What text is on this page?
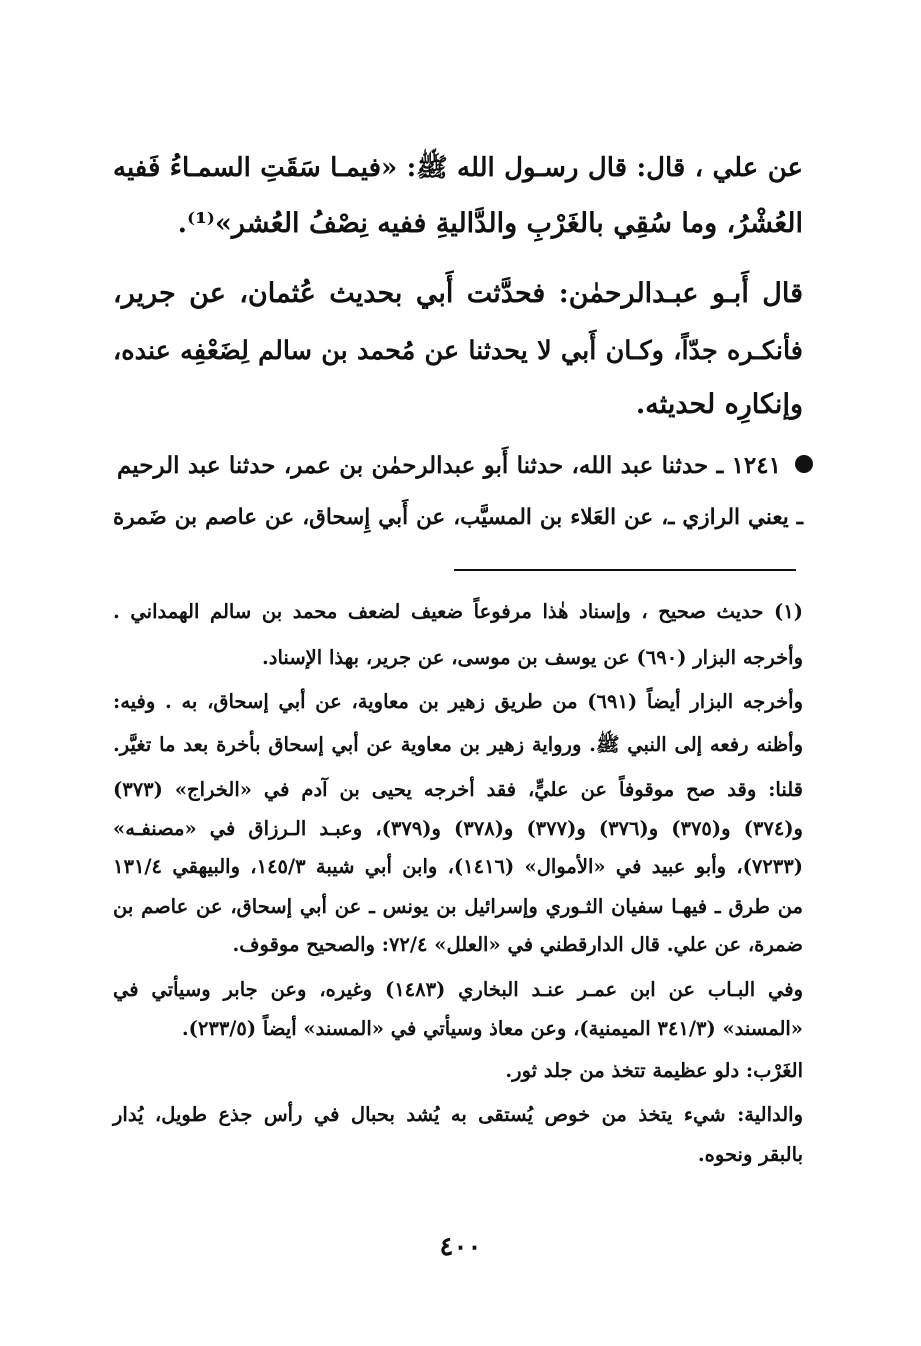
عن علي ، قال: قال رسـول الله ﷺ: «فيمـا سَقَتِ السمـاءُ فَفيه
العُشْرُ، وما سُقِي بالغَرْبِ والدَّاليةِ ففيه نِصْفُ العُشر»⁽¹⁾.
قال أَبـو عبـدالرحمٰن: فحدَّثت أَبي بحديث عُثمان، عن جرير،
فأنكـره جدّاً، وكـان أَبي لا يحدثنا عن مُحمد بن سالم لِضَعْفِه عنده،
وإنكارِه لحديثه.
١٢٤١ ـ حدثنا عبد الله، حدثنا أَبو عبدالرحمٰن بن عمر، حدثنا عبد الرحيم
ـ يعني الرازي ـ، عن العَلاء بن المسيَّب، عن أَبي إِسحاق، عن عاصم بن ضَمرة
(١) حديث صحيح ، وإسناد هٰذا مرفوعاً ضعيف لضعف محمد بن سالم الهمداني .
وأخرجه البزار (٦٩٠) عن يوسف بن موسى، عن جرير، بهذا الإسناد.
وأخرجه البزار أيضاً (٦٩١) من طريق زهير بن معاوية، عن أبي إسحاق، به . وفيه:
وأظنه رفعه إلى النبي ﷺ. ورواية زهير بن معاوية عن أبي إسحاق بأخرة بعد ما تغيَّر.
قلنا: وقد صح موقوفاً عن عليٍّ، فقد أخرجه يحيى بن آدم في «الخراج» (٣٧٣)
و(٣٧٤) و(٣٧٥) و(٣٧٦) و(٣٧٧) و(٣٧٨) و(٣٧٩)، وعبـد الـرزاق في «مصنفـه»
(٧٢٣٣)، وأبو عبيد في «الأموال» (١٤١٦)، وابن أبي شيبة ١٤٥/٣، والبيهقي ١٣١/٤
من طرق ـ فيهـا سفيان الثـوري وإسرائيل بن يونس ـ عن أبي إسحاق، عن عاصم بن
ضمرة، عن علي. قال الدارقطني في «العلل» ٧٢/٤: والصحيح موقوف.
وفي البـاب عن ابن عمـر عنـد البخاري (١٤٨٣) وغيره، وعن جابر وسيأتي في
«المسند» (٣٤١/٣ الميمنية)، وعن معاذ وسيأتي في «المسند» أيضاً (٢٣٣/٥).
الغَرْب: دلو عظيمة تتخذ من جلد ثور.
والدالية: شيء يتخذ من خوص يُستقى به يُشد بحبال في رأس جذع طويل، يُدار
بالبقر ونحوه.
٤٠٠
